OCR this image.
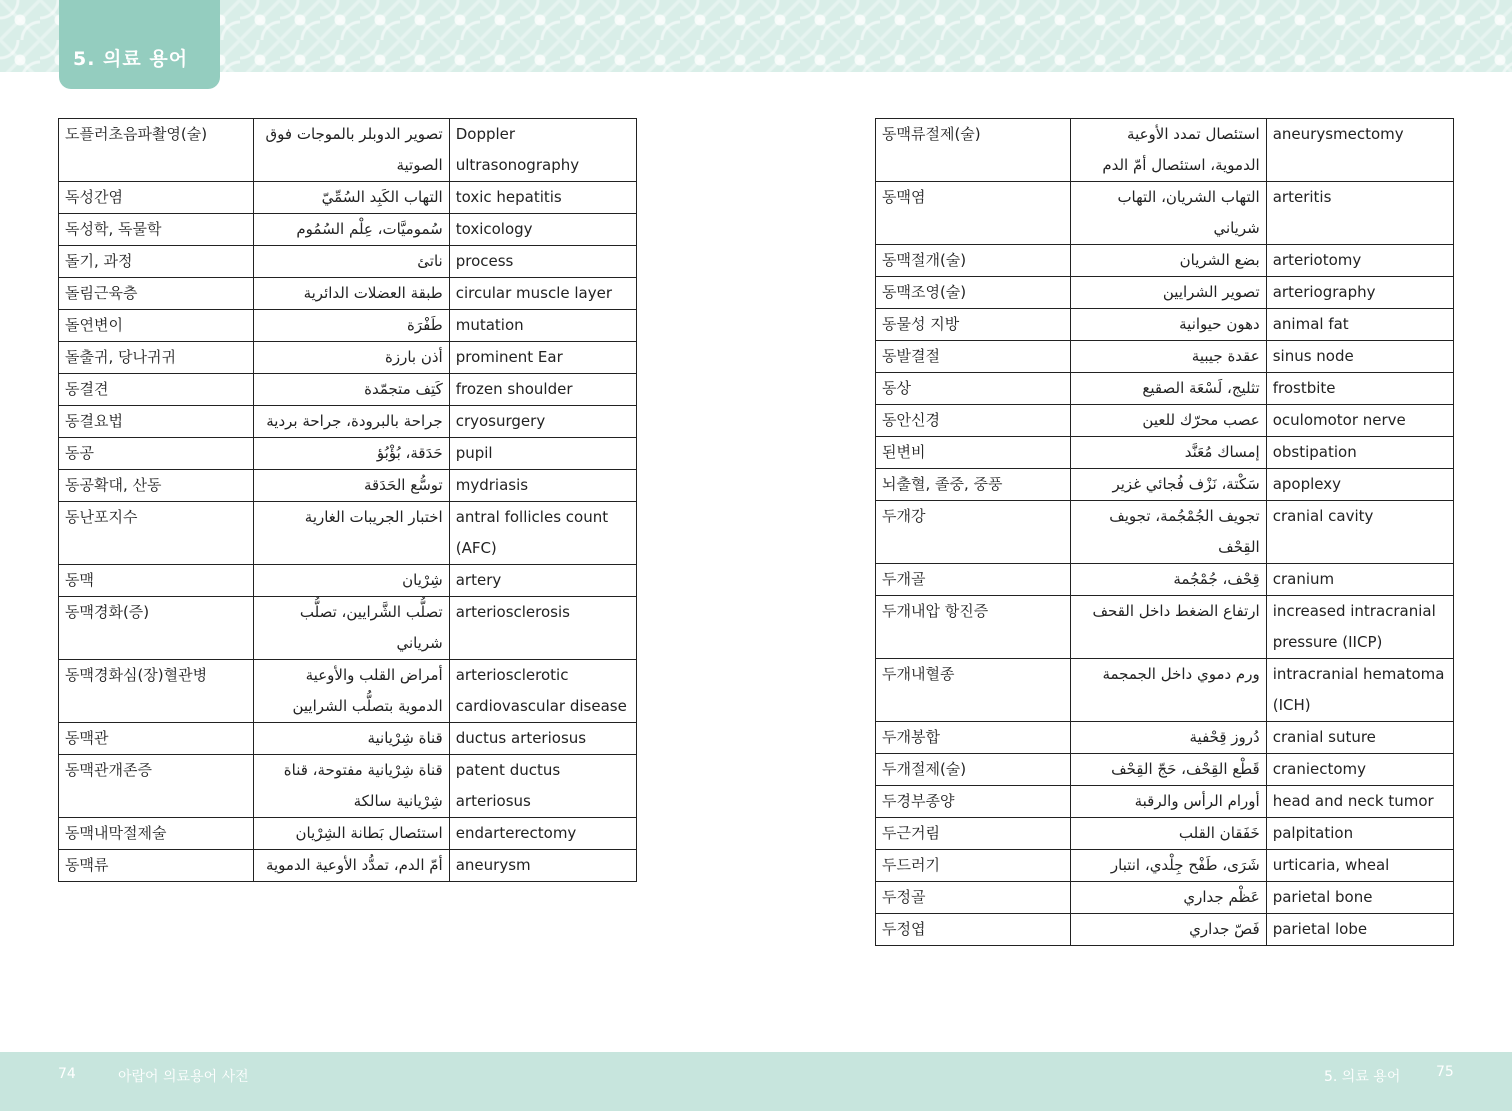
5. 의료 용어
도플러초음파촬영(술)	تصوير الدوبلر بالموجات فوق الصوتية	Doppler ultrasonography
독성간염	التهاب الكَبِد السُمِّيّ	toxic hepatitis
독성학, 독물학	سُموميَّات، عِلْم السُمُوم	toxicology
돌기, 과정	ناتئ	process
돌림근육층	طبقة العضلات الدائرية	circular muscle layer
돌연변이	طَفْرَة	mutation
돌출귀, 당나귀귀	أذن بارزة	prominent Ear
동결견	كَتِف متجمّدة	frozen shoulder
동결요법	جراحة بالبرودة، جراحة بردية	cryosurgery
동공	حَدَقة، بُؤْبُؤ	pupil
동공확대, 산동	توسُّع الحَدَقة	mydriasis
동난포지수	اختبار الجريبات الغارية	antral follicles count (AFC)
동맥	شِرْيان	artery
동맥경화(증)	تصلُّب الشَّرايين، تصلُّب شرياني	arteriosclerosis
동맥경화심(장)혈관병	أمراض القلب والأوعية الدموية بتصلُّب الشرايين	arteriosclerotic cardiovascular disease
동맥관	قناة شِرْيانية	ductus arteriosus
동맥관개존증	قناة شِرْيانية مفتوحة، قناة شِرْيانية سالكة	patent ductus arteriosus
동맥내막절제술	استئصال بَطانة الشِرْيان	endarterectomy
동맥류	أمّ الدم، تمدُّد الأوعية الدموية	aneurysm
동맥류절제(술)	استئصال تمدد الأوعية الدموية، استئصال أمّ الدم	aneurysmectomy
동맥염	التهاب الشريان، التهاب شرياني	arteritis
동맥절개(술)	بضع الشريان	arteriotomy
동맥조영(술)	تصوير الشرايين	arteriography
동물성 지방	دهون حيوانية	animal fat
동발결절	عقدة جيبية	sinus node
동상	تثليج، لَسْعَة الصقيع	frostbite
동안신경	عصب محرّك للعين	oculomotor nerve
된변비	إمساك مُعَنَّد	obstipation
뇌출혈, 졸중, 중풍	سَكْتة، نَزْف فُجائي غزير	apoplexy
두개강	تجويف الجُمْجُمة، تجويف القِحْف	cranial cavity
두개골	قِحْف، جُمْجُمة	cranium
두개내압 항진증	ارتفاع الضغط داخل القحف	increased intracranial pressure (IICP)
두개내혈종	ورم دموي داخل الجمجمة	intracranial hematoma (ICH)
두개봉합	دُروز قِحْفية	cranial suture
두개절제(술)	قَطْع القِحْف، حَجّ القِحْف	craniectomy
두경부종양	أورام الرأس والرقبة	head and neck tumor
두근거림	خَفَقان القلب	palpitation
두드러기	شَرَى، طَفْح جِلْدي، انتبار	urticaria, wheal
두정골	عَظْم جداري	parietal bone
두정엽	فَصّ جداري	parietal lobe
74	아랍어 의료용어 사전	5. 의료 용어	75
